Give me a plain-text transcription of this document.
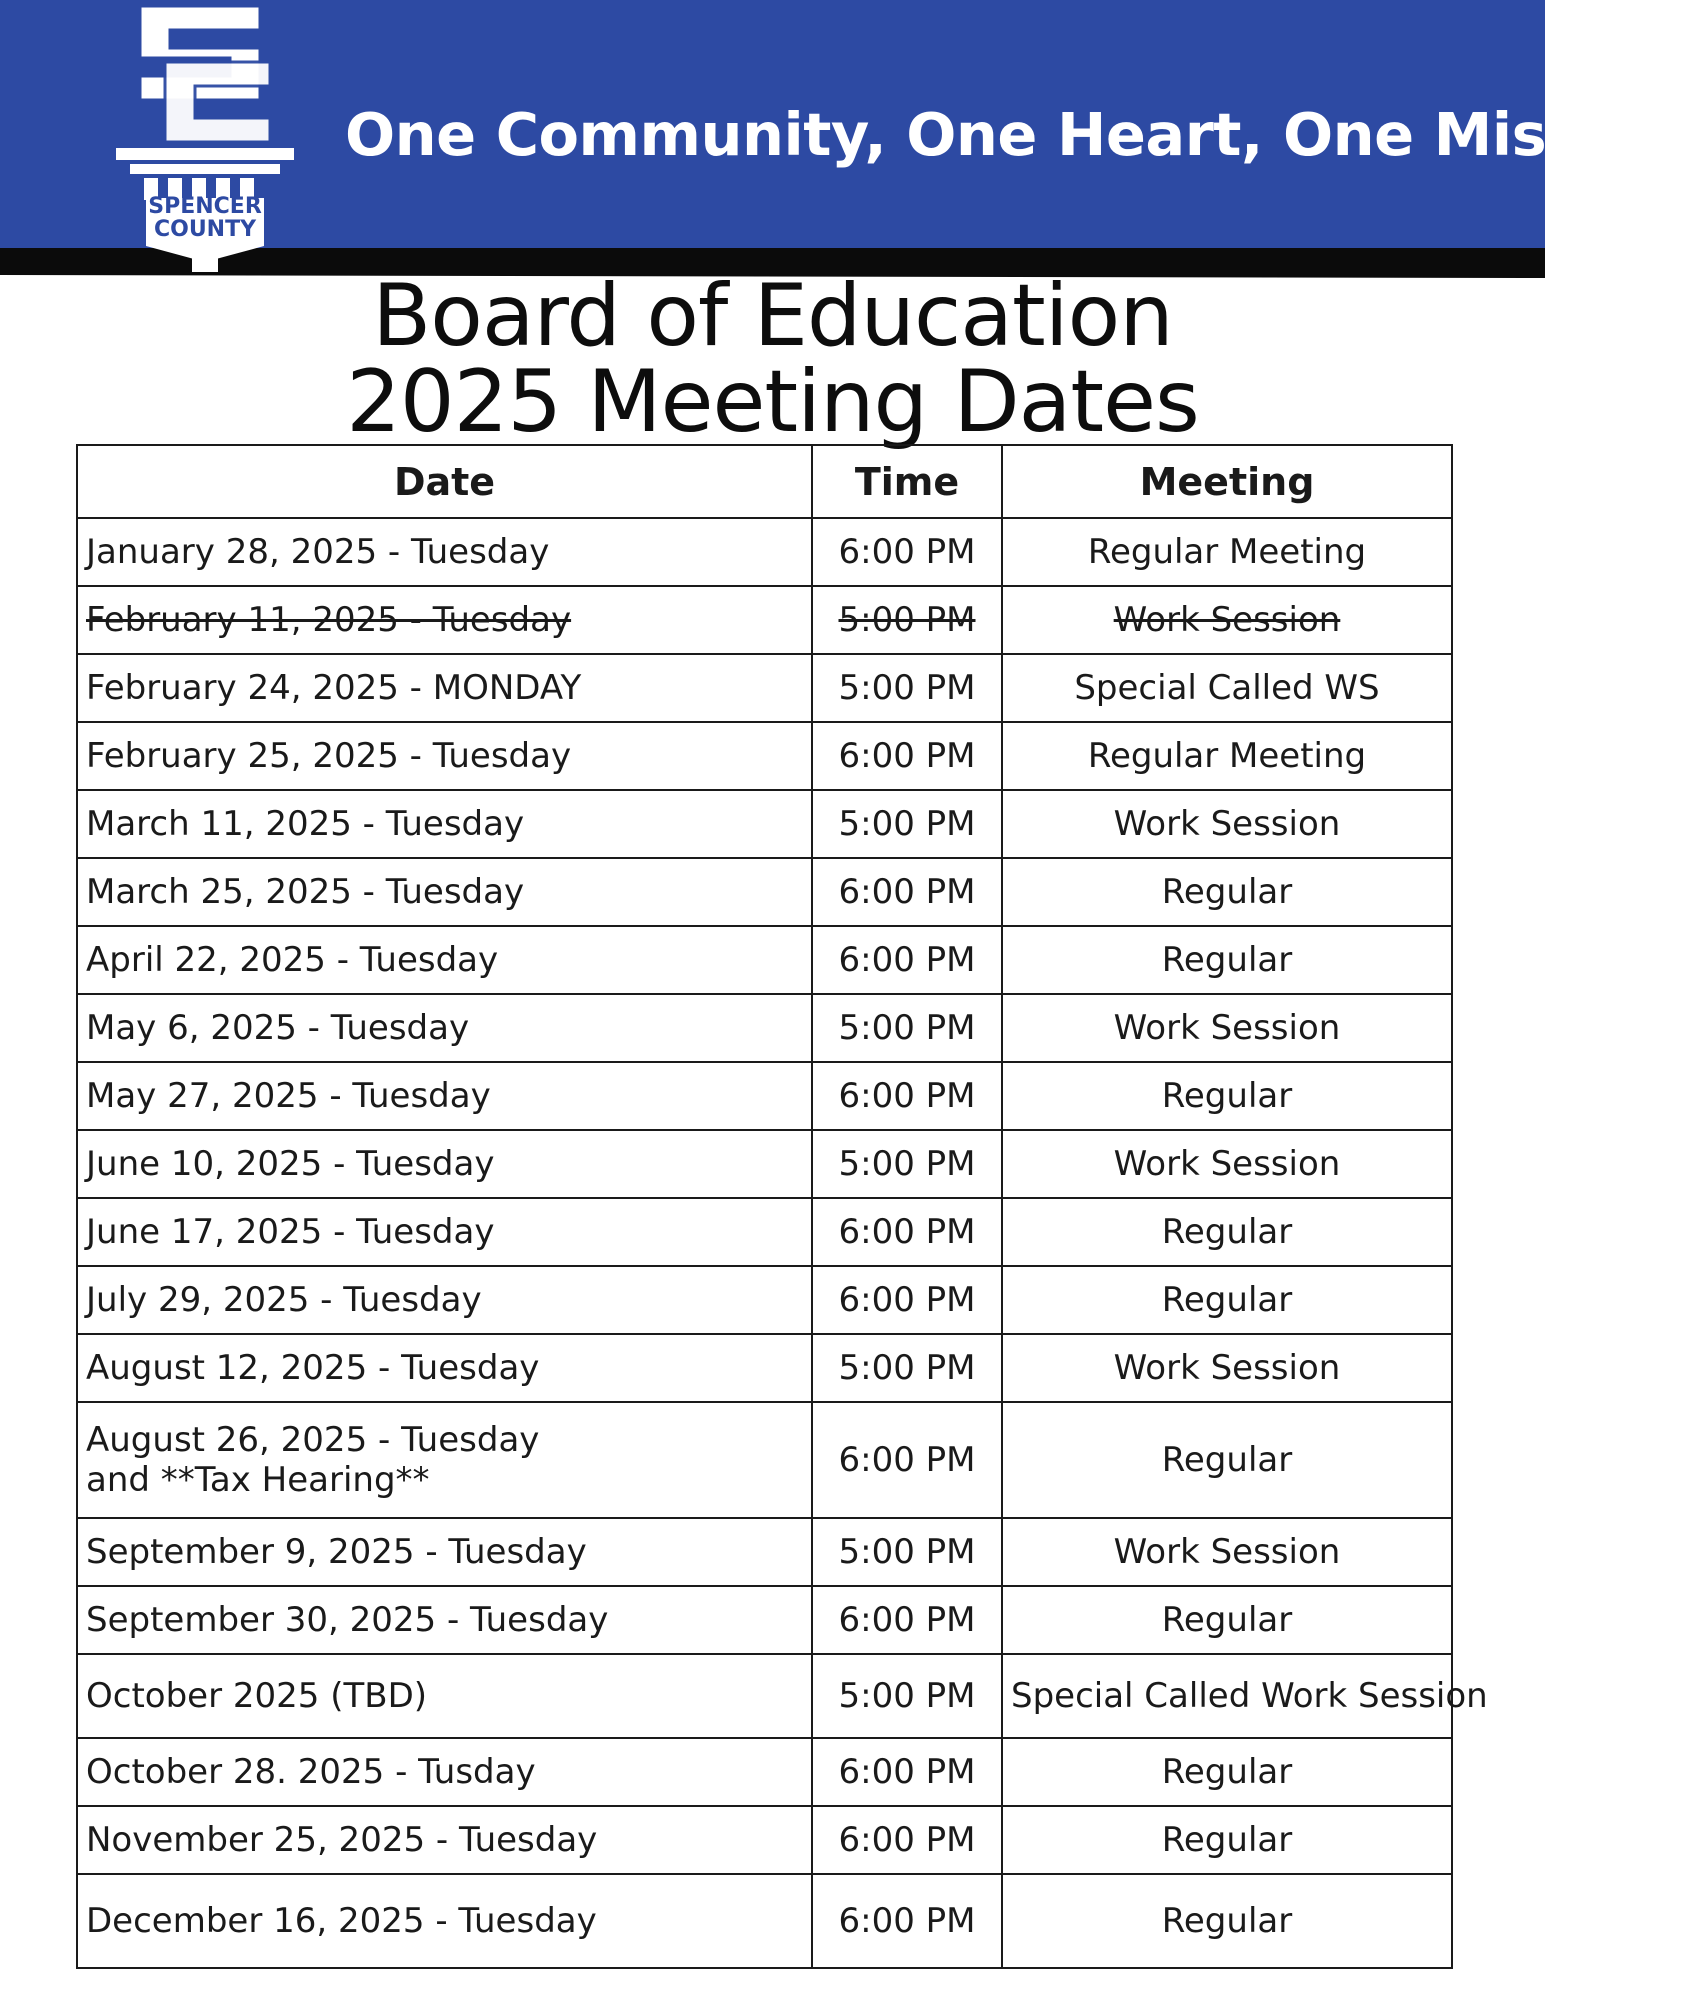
SPENCER
COUNTY
One Community, One Heart, One Mission
Board of Education
2025 Meeting Dates
Date	Time	Meeting

January 28, 2025 - Tuesday	6:00 PM	Regular Meeting

February 11, 2025 - Tuesday	5:00 PM	Work Session

February 24, 2025 - MONDAY	5:00 PM	Special Called WS

February 25, 2025 - Tuesday	6:00 PM	Regular Meeting

March 11, 2025 - Tuesday	5:00 PM	Work Session

March 25, 2025 - Tuesday	6:00 PM	Regular

April 22, 2025 - Tuesday	6:00 PM	Regular

May 6, 2025 - Tuesday	5:00 PM	Work Session

May 27, 2025 - Tuesday	6:00 PM	Regular

June 10, 2025 - Tuesday	5:00 PM	Work Session

June 17, 2025 - Tuesday	6:00 PM	Regular

July 29, 2025 - Tuesday	6:00 PM	Regular

August 12, 2025 - Tuesday	5:00 PM	Work Session

August 26, 2025 - Tuesday
and **Tax Hearing**	6:00 PM	Regular

September 9, 2025 - Tuesday	5:00 PM	Work Session

September 30, 2025 - Tuesday	6:00 PM	Regular

October 2025 (TBD)	5:00 PM	Special Called Work Session

October 28. 2025 - Tusday	6:00 PM	Regular

November 25, 2025 - Tuesday	6:00 PM	Regular

December 16, 2025 - Tuesday	6:00 PM	Regular
